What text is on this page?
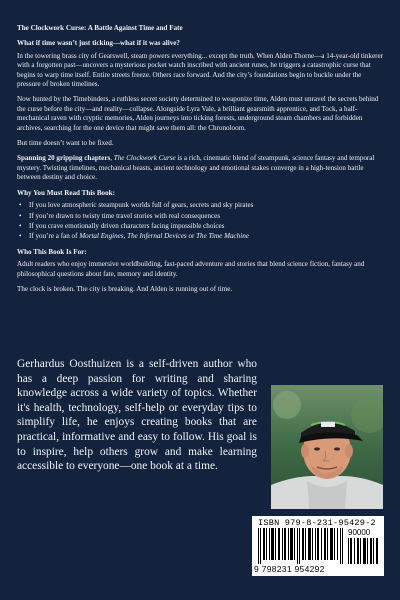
The Clockwork Curse: A Battle Against Time and Fate

What if time wasn’t just ticking—what if it was alive?

In the towering brass city of Gearswell, steam powers everything... except the truth. When Alden Thorne—a 14-year-old tinkerer with a forgotten past—uncovers a mysterious pocket watch inscribed with ancient runes, he triggers a catastrophic curse that begins to warp time itself. Entire streets freeze. Others race forward. And the city’s foundations begin to buckle under the pressure of broken timelines.

Now hunted by the Timebinders, a ruthless secret society determined to weaponize time, Alden must unravel the secrets behind the curse before the city—and reality—collapse. Alongside Lyra Vale, a brilliant gearsmith apprentice, and Tock, a half-mechanical raven with cryptic memories, Alden journeys into ticking forests, underground steam chambers and forbidden archives, searching for the one device that might save them all: the Chronoloom.

But time doesn’t want to be fixed.

Spanning 20 gripping chapters, The Clockwork Curse is a rich, cinematic blend of steampunk, science fantasy and temporal mystery. Twisting timelines, mechanical beasts, ancient technology and emotional stakes converge in a high-tension battle between destiny and choice.

Why You Must Read This Book:

• If you love atmospheric steampunk worlds full of gears, secrets and sky pirates
• If you’re drawn to twisty time travel stories with real consequences
• If you crave emotionally driven characters facing impossible choices
• If you’re a fan of Mortal Engines, The Infernal Devices or The Time Machine

Who This Book Is For:

Adult readers who enjoy immersive worldbuilding, fast-paced adventure and stories that blend science fiction, fantasy and philosophical questions about fate, memory and identity.

The clock is broken. The city is breaking. And Alden is running out of time.

Gerhardus Oosthuizen is a self-driven author who has a deep passion for writing and sharing knowledge across a wide variety of topics. Whether it's health, technology, self-help or everyday tips to simplify life, he enjoys creating books that are practical, informative and easy to follow. His goal is to inspire, help others grow and make learning accessible to everyone—one book at a time.
ISBN 979-8-231-95429-2
90000
9 798231 954292
